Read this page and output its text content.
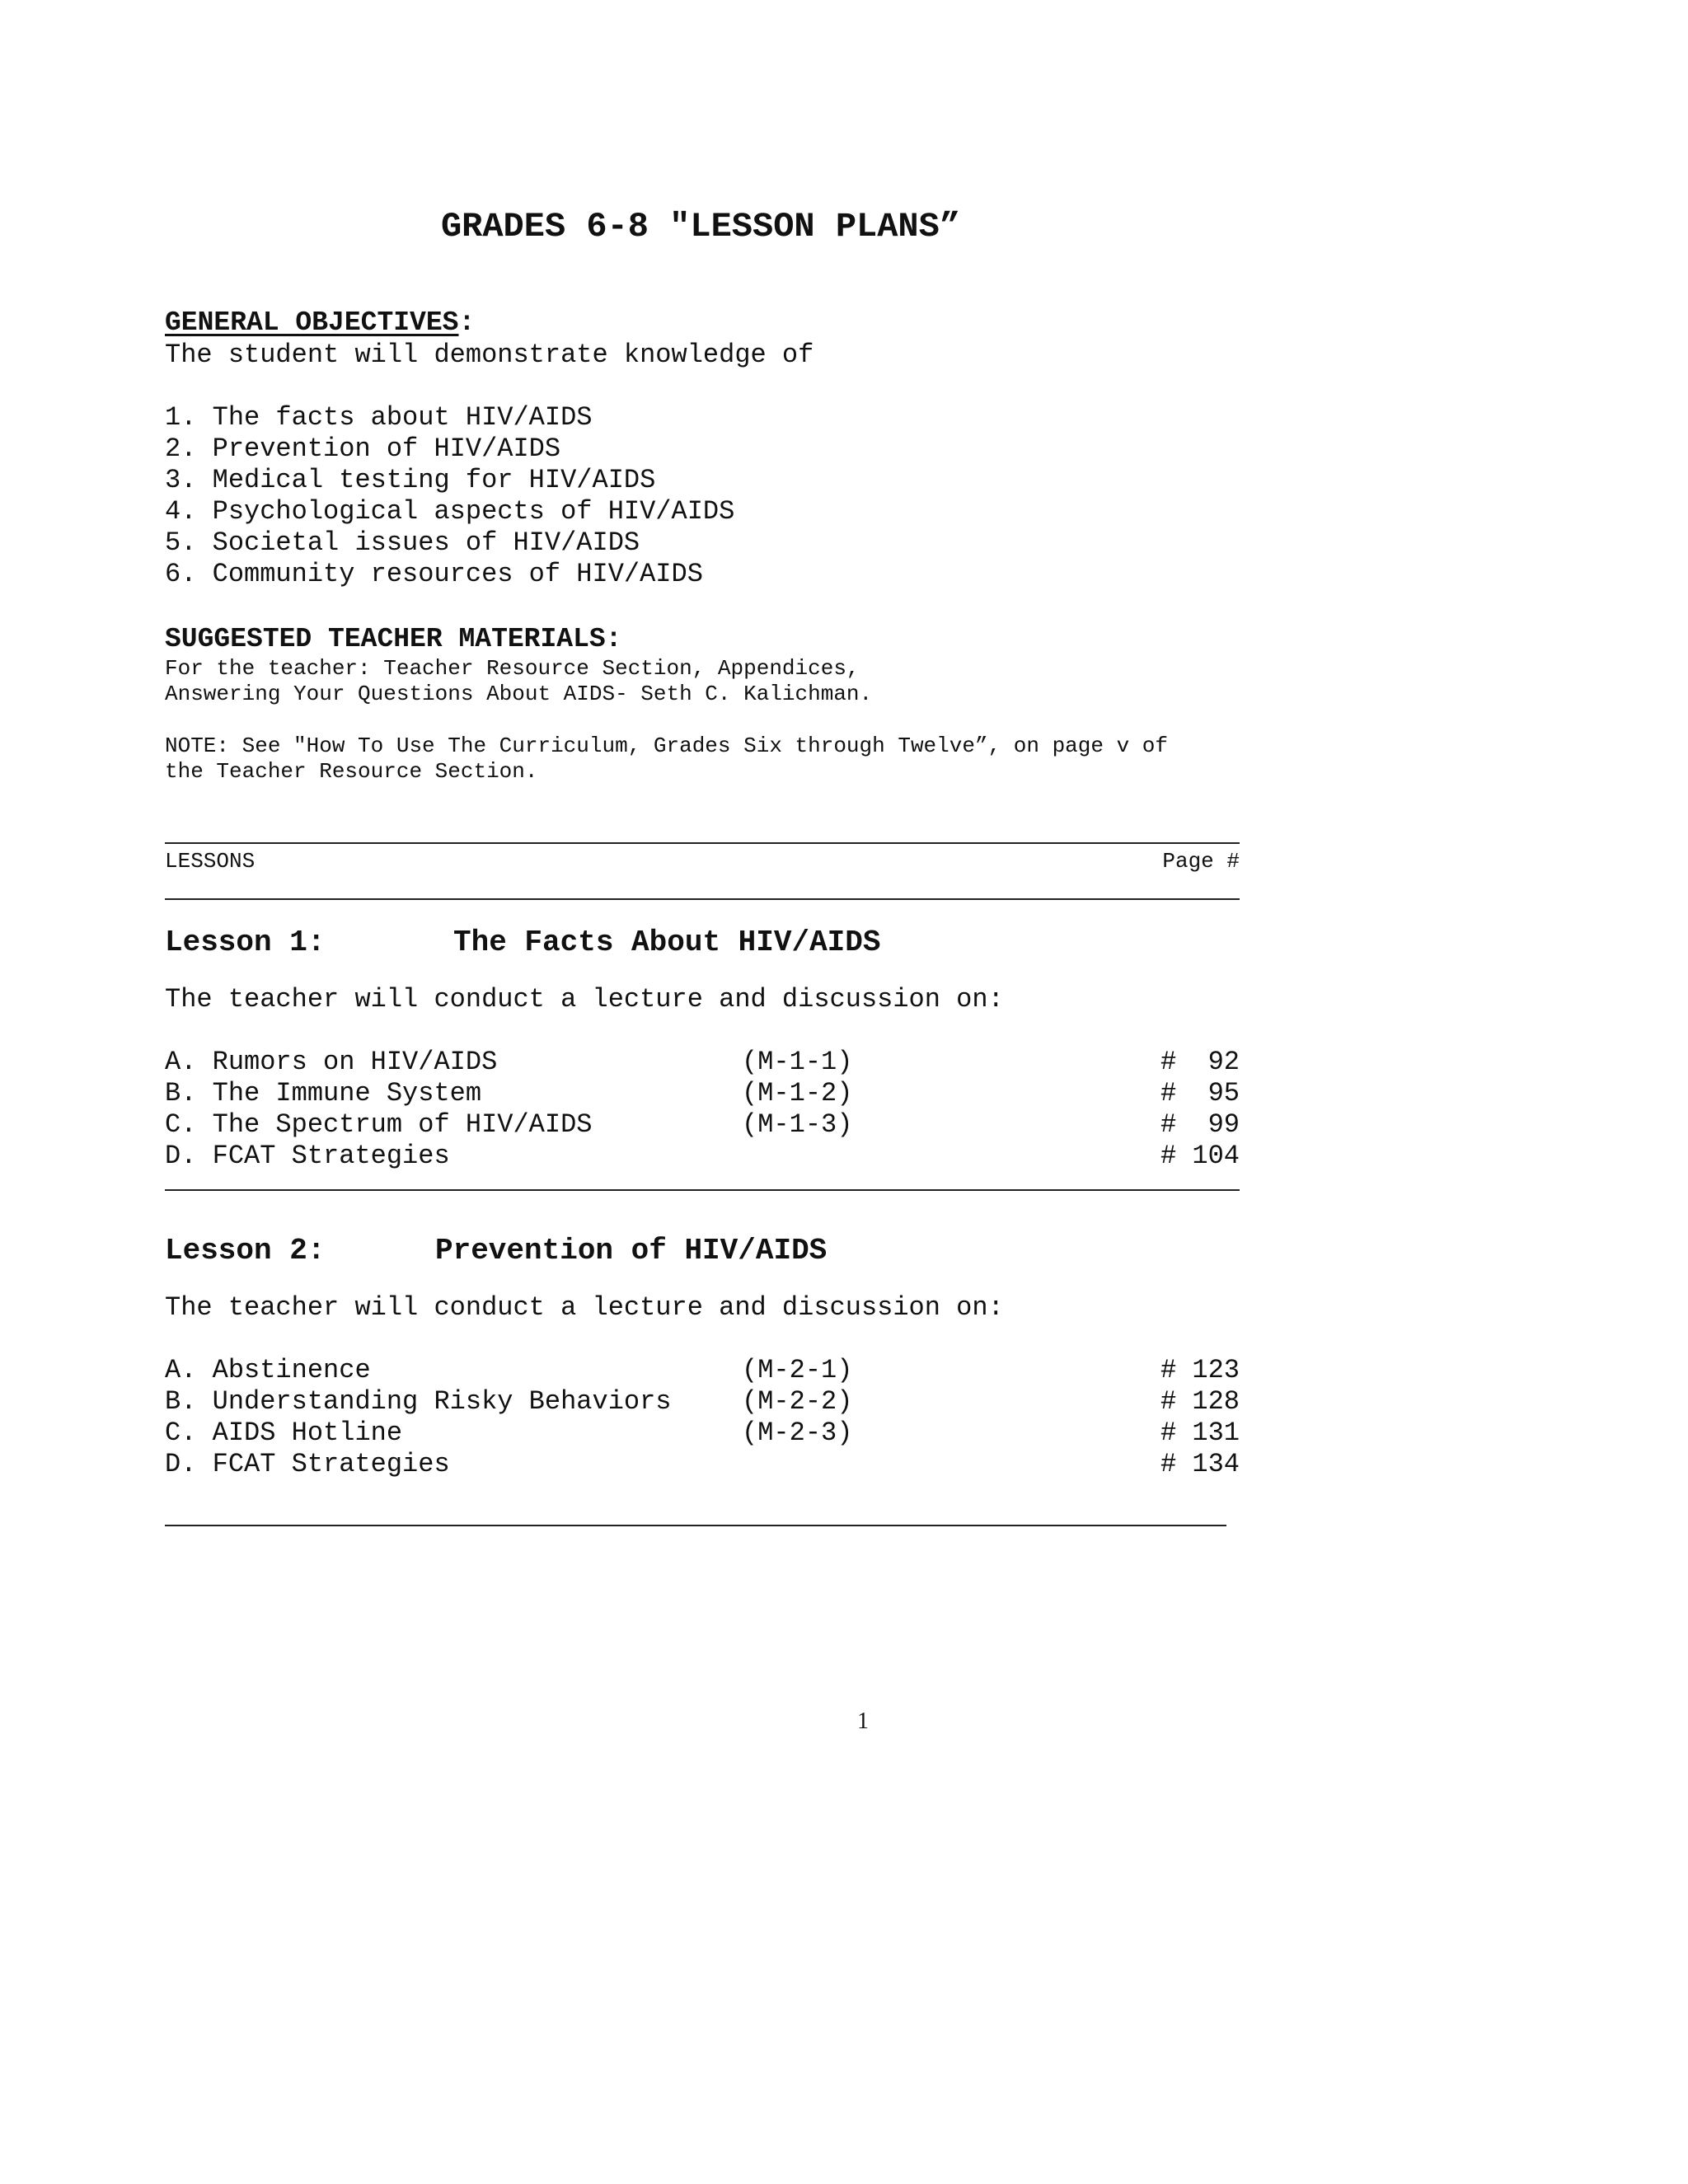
GRADES 6-8 "LESSON PLANS”
GENERAL OBJECTIVES:
The student will demonstrate knowledge of
1. The facts about HIV/AIDS
2. Prevention of HIV/AIDS
3. Medical testing for HIV/AIDS
4. Psychological aspects of HIV/AIDS
5. Societal issues of HIV/AIDS
6. Community resources of HIV/AIDS
SUGGESTED TEACHER MATERIALS:
For the teacher: Teacher Resource Section, Appendices,
Answering Your Questions About AIDS- Seth C. Kalichman.
NOTE: See "How To Use The Curriculum, Grades Six through Twelve”, on page v of
the Teacher Resource Section.
LESSONS	Page #
Lesson 1:	The Facts About HIV/AIDS
The teacher will conduct a lecture and discussion on:
A. Rumors on HIV/AIDS	(M-1-1)	#  92
B. The Immune System	(M-1-2)	#  95
C. The Spectrum of HIV/AIDS	(M-1-3)	#  99
D. FCAT Strategies	# 104
Lesson 2:	Prevention of HIV/AIDS
The teacher will conduct a lecture and discussion on:
A. Abstinence	(M-2-1)	# 123
B. Understanding Risky Behaviors	(M-2-2)	# 128
C. AIDS Hotline	(M-2-3)	# 131
D. FCAT Strategies	# 134
1
